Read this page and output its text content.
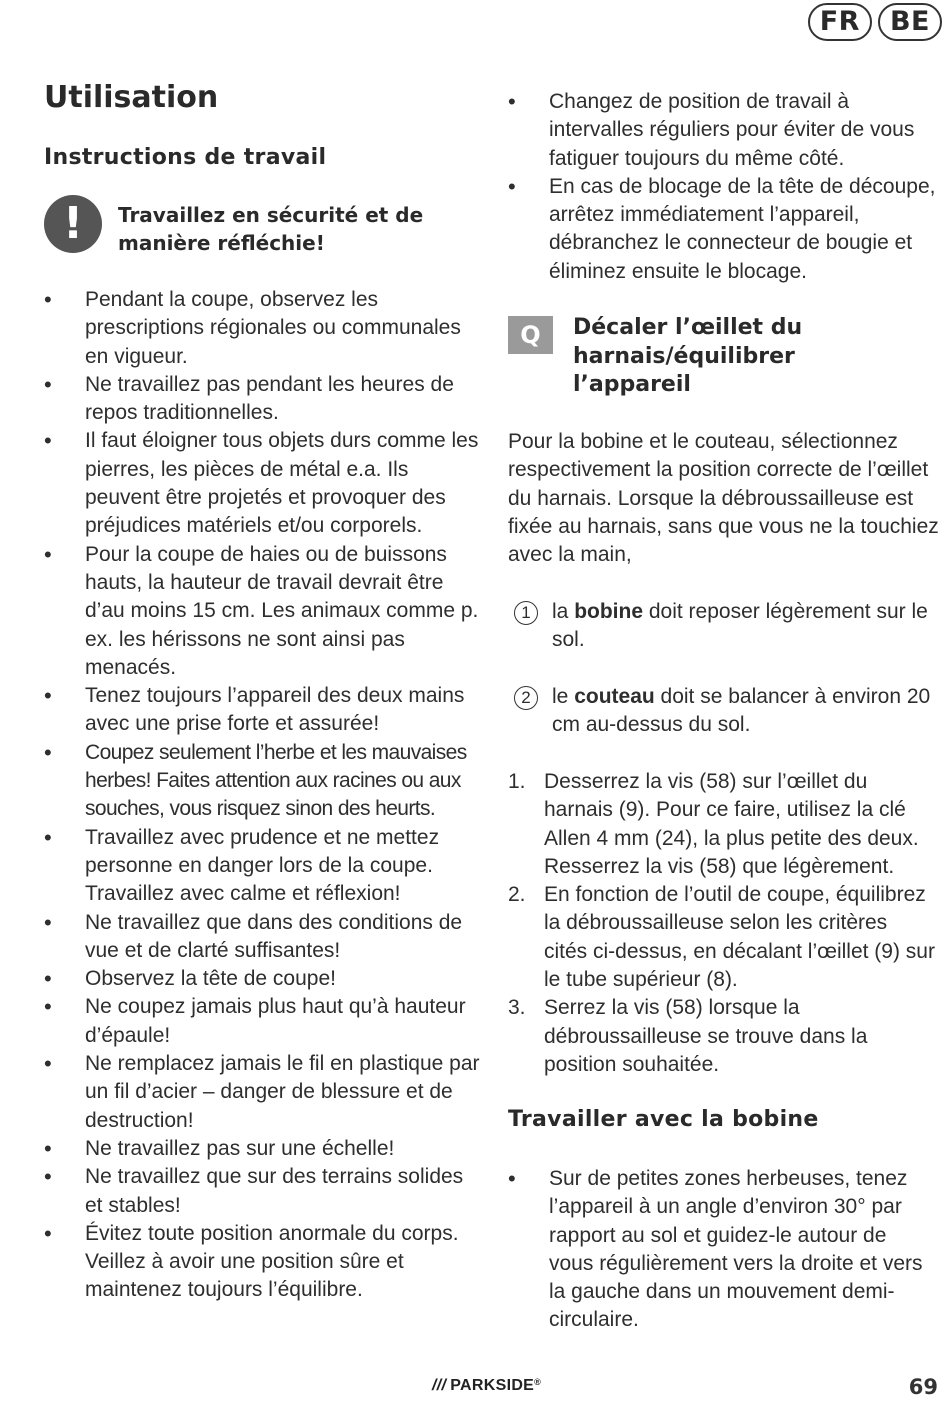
FR	BE
Utilisation
Instructions de travail
!	Travaillez en sécurité et de
manière réfléchie!
• Pendant la coupe, observez les prescriptions régionales ou communales en vigueur.
• Ne travaillez pas pendant les heures de repos traditionnelles.
• Il faut éloigner tous objets durs comme les pierres, les pièces de métal e.a. Ils peuvent être projetés et provoquer des préjudices matériels et/ou corporels.
• Pour la coupe de haies ou de buissons hauts, la hauteur de travail devrait être d’au moins 15 cm. Les animaux comme p. ex. les hérissons ne sont ainsi pas menacés.
• Tenez toujours l’appareil des deux mains avec une prise forte et assurée!
• Coupez seulement l’herbe et les mauvaises herbes! Faites attention aux racines ou aux souches, vous risquez sinon des heurts.
• Travaillez avec prudence et ne mettez personne en danger lors de la coupe. Travaillez avec calme et réflexion!
• Ne travaillez que dans des conditions de vue et de clarté suffisantes!
• Observez la tête de coupe!
• Ne coupez jamais plus haut qu’à hauteur d’épaule!
• Ne remplacez jamais le fil en plastique par un fil d’acier – danger de blessure et de destruction!
• Ne travaillez pas sur une échelle!
• Ne travaillez que sur des terrains solides et stables!
• Évitez toute position anormale du corps. Veillez à avoir une position sûre et maintenez toujours l’équilibre.
• Changez de position de travail à intervalles réguliers pour éviter de vous fatiguer toujours du même côté.
• En cas de blocage de la tête de découpe, arrêtez immédiatement l’appareil, débranchez le connecteur de bougie et éliminez ensuite le blocage.
Q	Décaler l’œillet du
harnais/équilibrer
l’appareil
Pour la bobine et le couteau, sélectionnez respectivement la position correcte de l’œillet du harnais. Lorsque la débroussailleuse est fixée au harnais, sans que vous ne la touchiez avec la main,
1	la bobine doit reposer légèrement sur le sol.
2	le couteau doit se balancer à environ 20 cm au-dessus du sol.
1. Desserrez la vis (58) sur l’œillet du harnais (9). Pour ce faire, utilisez la clé Allen 4 mm (24), la plus petite des deux. Resserrez la vis (58) que légèrement.
2. En fonction de l’outil de coupe, équilibrez la débroussailleuse selon les critères cités ci-dessus, en décalant l’œillet (9) sur le tube supérieur (8).
3. Serrez la vis (58) lorsque la débroussailleuse se trouve dans la position souhaitée.
Travailler avec la bobine
• Sur de petites zones herbeuses, tenez l’appareil à un angle d’environ 30° par rapport au sol et guidez-le autour de vous régulièrement vers la droite et vers la gauche dans un mouvement demi-circulaire.
/// PARKSIDE®	69
